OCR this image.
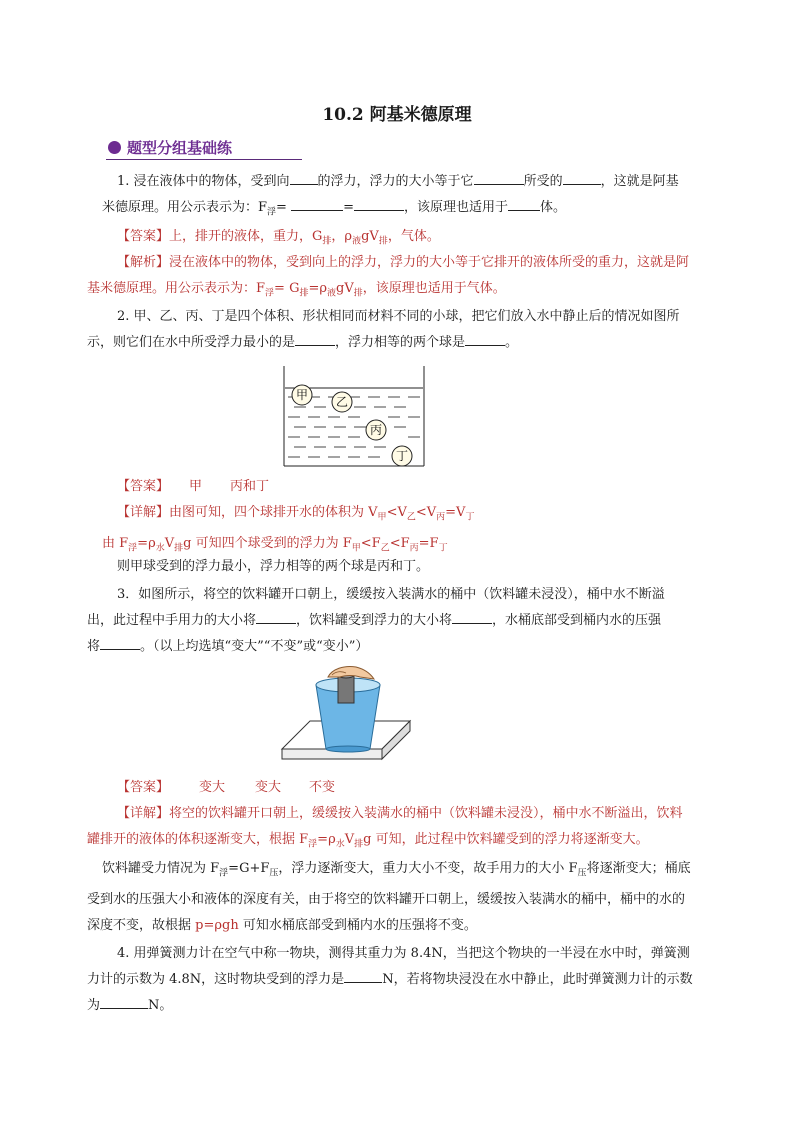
10.2 阿基米德原理
题型分组基础练

1. 浸在液体中的物体，受到向 的浮力，浮力的大小等于它	所受的	，这就是阿基
米德原理。用公示表示为：$F_浮=$	=	，该原理也适用于 体。

【答案】上，排开的液体，重力，$G_排$，$\rho_液gV_排$，气体。

【解析】浸在液体中的物体，受到向上的浮力，浮力的大小等于它排开的液体所受的重力，这就是阿
基米德原理。用公示表示为：$F_浮= G_排=\rho_液gV_排$，该原理也适用于气体。

2. 甲、乙、丙、丁是四个体积、形状相同而材料不同的小球，把它们放入水中静止后的情况如图所
示，则它们在水中所受浮力最小的是	，浮力相等的两个球是	。

甲 乙
丙
丁

【答案】 甲 丙和丁

【详解】由图可知，四个球排开水的体积为 $V_甲<V_乙<V_丙=V_丁$
由 $F_浮=\rho_水V_排g$ 可知四个球受到的浮力为 $F_甲<F_乙<F_丙=F_丁$

则甲球受到的浮力最小，浮力相等的两个球是丙和丁。

3．如图所示，将空的饮料罐开口朝上，缓缓按入装满水的桶中（饮料罐未浸没），桶中水不断溢
出，此过程中手用力的大小将	，饮料罐受到浮力的大小将	，水桶底部受到桶内水的压强
将	。（以上均选填“变大”“不变”或“变小”）

【答案】 变大 变大 不变

【详解】将空的饮料罐开口朝上，缓缓按入装满水的桶中（饮料罐未浸没），桶中水不断溢出，饮料
罐排开的液体的体积逐渐变大，根据 $F_浮=\rho_水V_排g$ 可知，此过程中饮料罐受到的浮力将逐渐变大。

饮料罐受力情况为 $F_浮=G+F_压$，浮力逐渐变大，重力大小不变，故手用力的大小 $F_压$将逐渐变大；桶底
受到水的压强大小和液体的深度有关，由于将空的饮料罐开口朝上，缓缓按入装满水的桶中，桶中的水的
深度不变，故根据 p=ρgh 可知水桶底部受到桶内水的压强将不变。

4. 用弹簧测力计在空气中称一物块，测得其重力为 8.4N，当把这个物块的一半浸在水中时，弹簧测
力计的示数为 4.8N，这时物块受到的浮力是	N，若将物块浸没在水中静止，此时弹簧测力计的示数
为	N。
